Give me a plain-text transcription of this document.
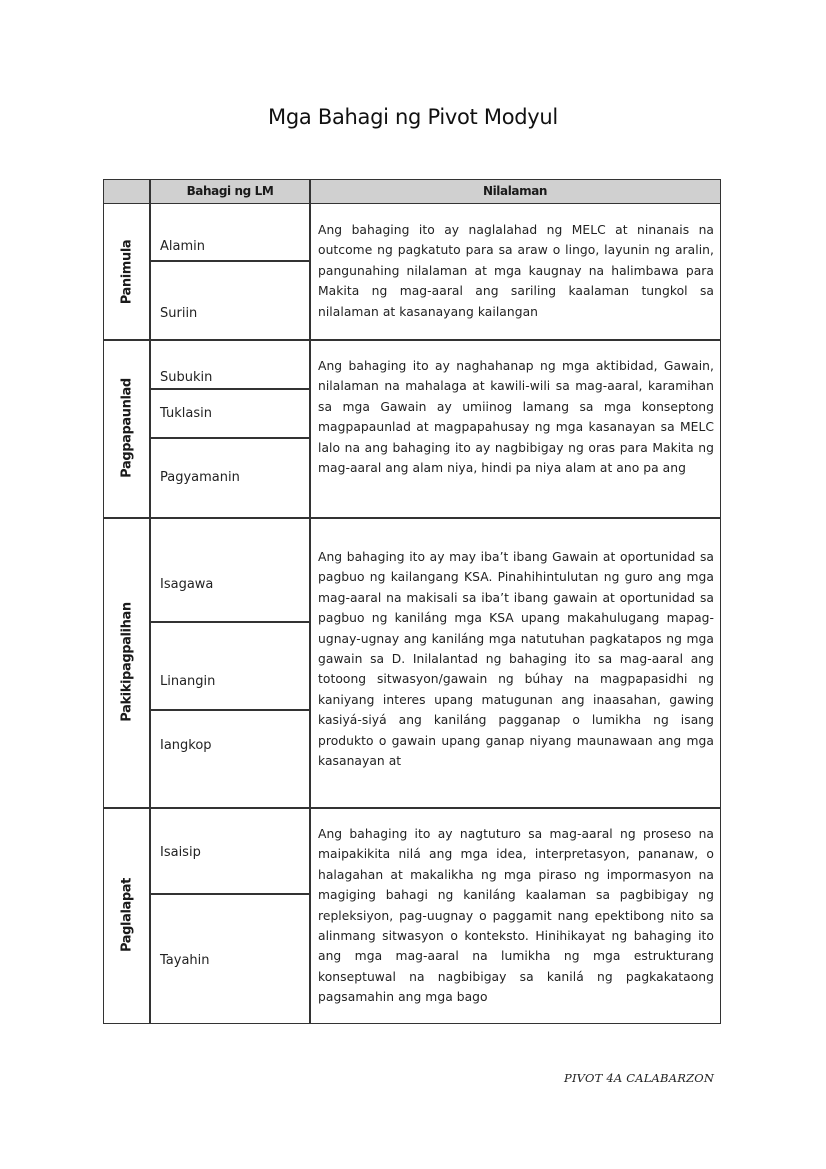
Mga Bahagi ng Pivot Modyul
Bahagi ng LM	Nilalaman
Panimula Alamin
Suriin
Ang bahaging ito ay naglalahad ng MELC at ninanais na outcome ng pagkatuto para sa araw o lingo, layunin ng aralin, pangunahing nilalaman at mga kaugnay na halimbawa para Makita ng mag-aaral ang sariling kaalaman tungkol sa nilalaman at kasanayang kailangan
Pagpapaunlad
Subukin
Tuklasin
Pagyamanin
Ang bahaging ito ay naghahanap ng mga aktibidad, Gawain, nilalaman na mahalaga at kawili-wili sa mag-aaral, karamihan sa mga Gawain ay umiinog lamang sa mga konseptong magpapaunlad at magpapahusay ng mga kasanayan sa MELC lalo na ang bahaging ito ay nagbibigay ng oras para Makita ng mag-aaral ang alam niya, hindi pa niya alam at ano pa ang
Pakikipagpalihan
Isagawa
Linangin
Iangkop
Ang bahaging ito ay may iba’t ibang Gawain at oportunidad sa pagbuo ng kailangang KSA. Pinahihintulutan ng guro ang mga mag-aaral na makisali sa iba’t ibang gawain at oportunidad sa pagbuo ng kaniláng mga KSA upang makahulugang mapag-ugnay-ugnay ang kaniláng mga natutuhan pagkatapos ng mga gawain sa D. Inilalantad ng bahaging ito sa mag-aaral ang totoong sitwasyon/gawain ng búhay na magpapasidhi ng kaniyang interes upang matugunan ang inaasahan, gawing kasiyá-siyá ang kaniláng pagganap o lumikha ng isang produkto o gawain upang ganap niyang maunawaan ang mga kasanayan at
Paglalapat
Isaisip
Tayahin
Ang bahaging ito ay nagtuturo sa mag-aaral ng proseso na maipakikita nilá ang mga idea, interpretasyon, pananaw, o halagahan at makalikha ng mga piraso ng impormasyon na magiging bahagi ng kaniláng kaalaman sa pagbibigay ng repleksiyon, pag-uugnay o paggamit nang epektibong nito sa alinmang sitwasyon o konteksto. Hinihikayat ng bahaging ito ang mga mag-aaral na lumikha ng mga estrukturang konseptuwal na nagbibigay sa kanilá ng pagkakataong pagsamahin ang mga bago
PIVOT 4A CALABARZON
